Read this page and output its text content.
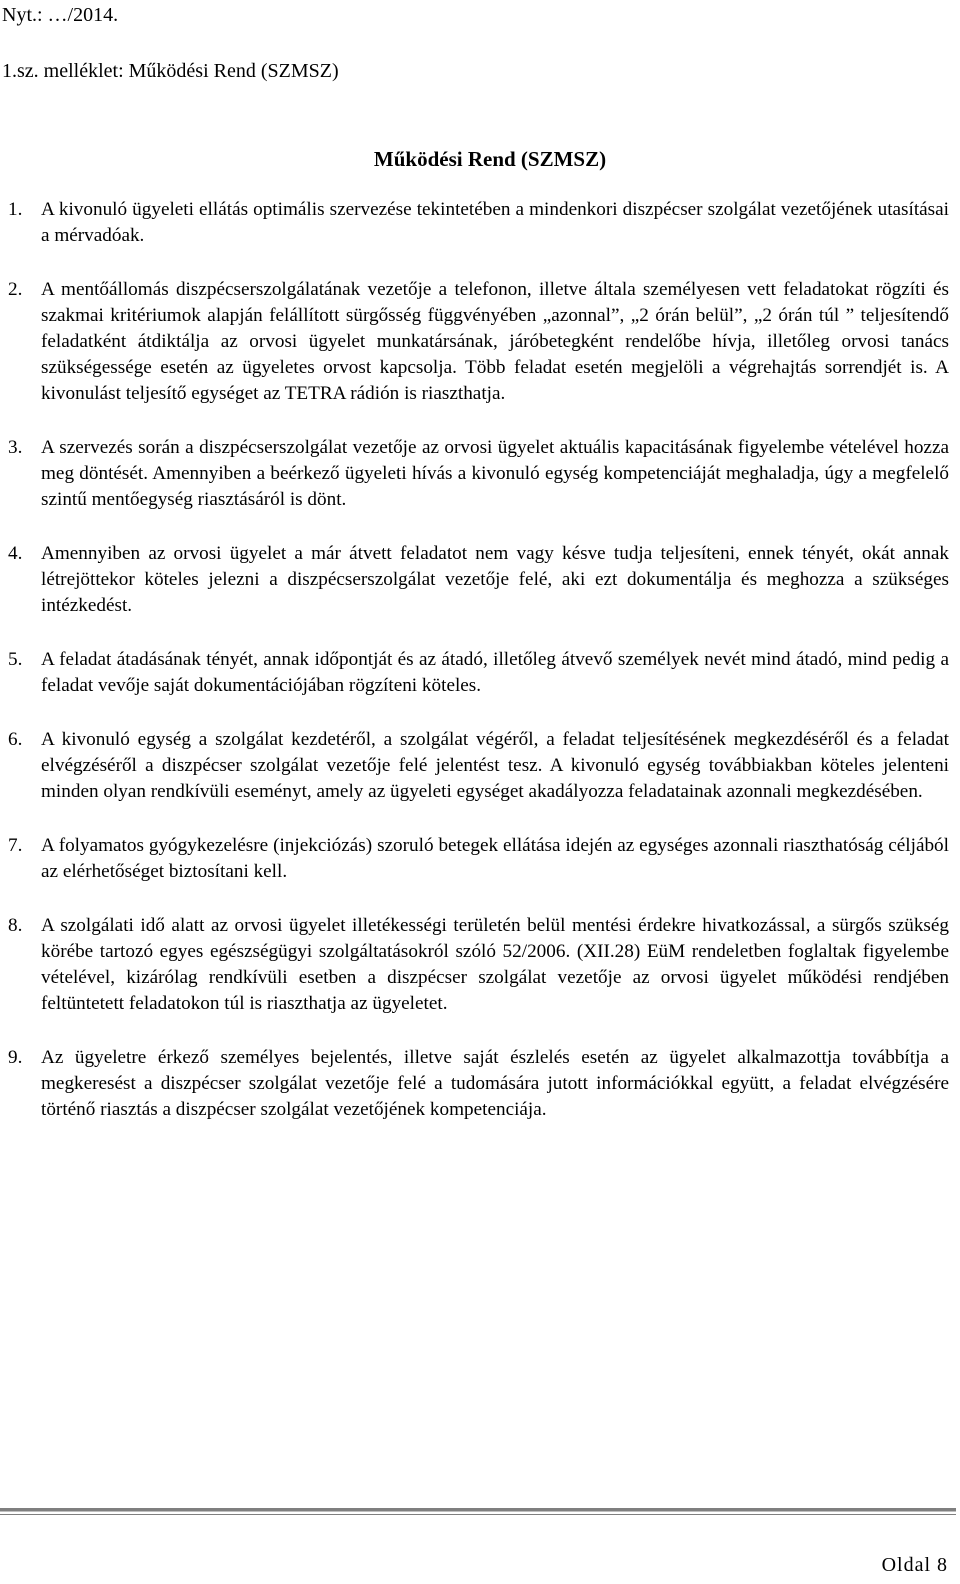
Nyt.: …/2014.
1.sz. melléklet: Működési Rend (SZMSZ)
Működési Rend (SZMSZ)
1. A kivonuló ügyeleti ellátás optimális szervezése tekintetében a mindenkori diszpécser szolgálat vezetőjének utasításai a mérvadóak.
2. A mentőállomás diszpécserszolgálatának vezetője a telefonon, illetve általa személyesen vett feladatokat rögzíti és szakmai kritériumok alapján felállított sürgősség függvényében „azonnal”, „2 órán belül”, „2 órán túl ” teljesítendő feladatként átdiktálja az orvosi ügyelet munkatársának, járóbetegként rendelőbe hívja, illetőleg orvosi tanács szükségessége esetén az ügyeletes orvost kapcsolja. Több feladat esetén megjelöli a végrehajtás sorrendjét is. A kivonulást teljesítő egységet az TETRA rádión is riaszthatja.
3. A szervezés során a diszpécserszolgálat vezetője az orvosi ügyelet aktuális kapacitásának figyelembe vételével hozza meg döntését. Amennyiben a beérkező ügyeleti hívás a kivonuló egység kompetenciáját meghaladja, úgy a megfelelő szintű mentőegység riasztásáról is dönt.
4. Amennyiben az orvosi ügyelet a már átvett feladatot nem vagy késve tudja teljesíteni, ennek tényét, okát annak létrejöttekor köteles jelezni a diszpécserszolgálat vezetője felé, aki ezt dokumentálja és meghozza a szükséges intézkedést.
5. A feladat átadásának tényét, annak időpontját és az átadó, illetőleg átvevő személyek nevét mind átadó, mind pedig a feladat vevője saját dokumentációjában rögzíteni köteles.
6. A kivonuló egység a szolgálat kezdetéről, a szolgálat végéről, a feladat teljesítésének megkezdéséről és a feladat elvégzéséről a diszpécser szolgálat vezetője felé jelentést tesz. A kivonuló egység továbbiakban köteles jelenteni minden olyan rendkívüli eseményt, amely az ügyeleti egységet akadályozza feladatainak azonnali megkezdésében.
7. A folyamatos gyógykezelésre (injekciózás) szoruló betegek ellátása idején az egységes azonnali riaszthatóság céljából az elérhetőséget biztosítani kell.
8. A szolgálati idő alatt az orvosi ügyelet illetékességi területén belül mentési érdekre hivatkozással, a sürgős szükség körébe tartozó egyes egészségügyi szolgáltatásokról szóló 52/2006. (XII.28) EüM rendeletben foglaltak figyelembe vételével, kizárólag rendkívüli esetben a diszpécser szolgálat vezetője az orvosi ügyelet működési rendjében feltüntetett feladatokon túl is riaszthatja az ügyeletet.
9. Az ügyeletre érkező személyes bejelentés, illetve saját észlelés esetén az ügyelet alkalmazottja továbbítja a megkeresést a diszpécser szolgálat vezetője felé a tudomására jutott információkkal együtt, a feladat elvégzésére történő riasztás a diszpécser szolgálat vezetőjének kompetenciája.
Oldal 8
